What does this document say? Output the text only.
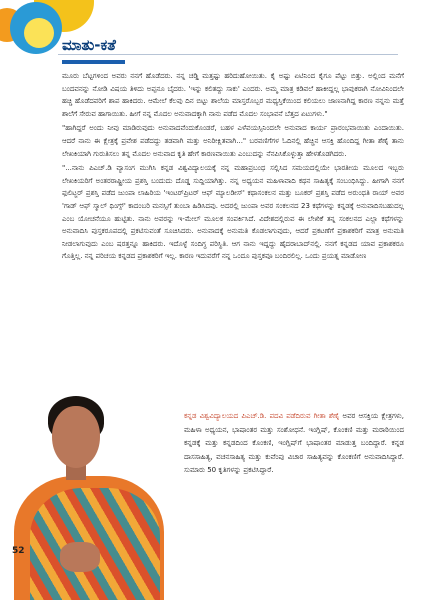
ಮಾತು-ಕತೆ

ಮೂರು ಬೆಟ್ಟಗಳಿಂದ ಅವರು ನನಗೆ ಹೊಡೆದರು. ನನ್ನ ಚಡ್ಡಿ ಮತ್ತಷ್ಟು ಹರಿದುಹೋಯಿತು. ಕೈ ಅಷ್ಟು ಏಟಿನಿಂದ ಕೈಗೂ ಪೆಟ್ಟು ಬಿತ್ತು. ಅಲ್ಲಿಂದ ಮನೆಗೆ ಬಂದವನನ್ನು ನೋಡಿ ವಿಷಯ ತಿಳಿದು ಅಪ್ಪನೂ ಬೈದರು. 'ಇನ್ನು ಕಲಿತದ್ದು ಸಾಕು' ಎಂದರು. ಅಮ್ಮ ಮಾತ್ರ ಕಡಿವಲೆ ಹಾಕೀದ್ದಲ್ಲ ಭಾವುಕರಾಗಿ ನೋವಿನಿಂದಲೇ ಹಚ್ಚಿ ಹೊಡೆದವರಿಗೆ ಶಾಪ ಹಾಕಿದರು. ಆಮೇಲೆ ಕೆಲವು ದಿನ ಬಿಟ್ಟು ಶಾಲೆಯ ಮಾಸ್ತರೊಬ್ಬರ ಮಧ್ಯಸ್ತಿಕೆಯಿಂದ ಕಲಿಯಲು ಜಾಣನಾಗಿದ್ದ ಕಾರಣ ನನ್ನನು ಮತ್ತೆ ಶಾಲೆಗೆ ಸೇರುವ ಹಾಗಾಯಿತು. ಹೀಗೆ ನನ್ನ ಮೊದಲ ಅನುವಾದಕ್ಕಾಗಿ ನಾನು ಪಡೆದ ಮೊದಲ ಸಂಭಾವನೆ ಬೆತ್ತದ ಏಟುಗಳು."

"ಹಾಗಿದ್ದರೆ ಅಂದು ನೀವು ಮಾಡಿರುವುದು ಅನುವಾದವೆಂದುಕೊಂಡರೆ, ಬಹಳ ಎಳೆವಯಸ್ಸಿನಿಂದಲೇ ಅನುವಾದ ಕಾರ್ಯ ಪ್ರಾರಂಭವಾಯಿತು ಎಂದಾಯಿತು. ಆದರೆ ನಾನು ಈ ಕ್ಷೇತ್ರಕ್ಕೆ ಪ್ರವೇಶ ಪಡೆದದ್ದು ತಡವಾಗಿ ಮತ್ತು ಅನಿರೀಕ್ಷಿತವಾಗಿ..." ಬರವಣಿಗೆಗಳ ಓದಿನಲ್ಲಿ ಹೆಚ್ಚಿನ ಆಸಕ್ತಿ ಹೊಂದಿದ್ದ ಗೀತಾ ಶೆಣೈ ತಾನು ಲೇಖಕಿಯಾಗಿ ಗುರುತಿಸಲು ತನ್ನ ಮೊದಲ ಅನುವಾದ ಕೃತಿ ಹೇಗೆ ಕಾರಣವಾಯಿತು ಎಂಬುದನ್ನು ನೆನಪಿಸಿಕೊಳ್ಳುತ್ತಾ ಹೇಳತೊಡಗಿದರು.

"...ನಾನು ಪಿಎಚ್.ಡಿ ವ್ಯಾಸಂಗ ಮುಗಿಸಿ ಕನ್ನಡ ವಿಶ್ವವಿದ್ಯಾಲಯಕ್ಕೆ ನನ್ನ ಮಹಾಪ್ರಬಂಧ ಸಲ್ಲಿಸಿದ ಸಮಯದಲ್ಲಿಯೇ ಭಾರತೀಯ ಮೂಲದ ಇಬ್ಬರು ಲೇಖಕಿಯರಿಗೆ ಅಂತರರಾಷ್ಟ್ರೀಯ ಪ್ರಶಸ್ತಿ ಬಂದುದು ದೊಡ್ಡ ಸುದ್ದಿಯಾಗಿತ್ತು. ನನ್ನ ಅಧ್ಯಯನ ಮಹಿಳಾವಾದಿ ಕಥನ ಸಾಹಿತ್ಯಕ್ಕೆ ಸಂಬಂಧಿಸಿದ್ದು. ಹೀಗಾಗಿ ನನಗೆ ಫುಲಿಟ್ಜರ್ ಪ್ರಶಸ್ತಿ ಪಡೆದ ಜುಂಪಾ ಲಾಹಿರಿಯ 'ಇಂಟರ್‌ಪ್ರಿಟರ್ ಆಫ್ ಮ್ಯಾಲಡೀಸ್' ಕಥಾಸಂಕಲನ ಮತ್ತು ಬೂಕರ್ ಪ್ರಶಸ್ತಿ ಪಡೆದ ಅರುಂಧತಿ ರಾಯ್ ಅವರ 'ಗಾಡ್ ಆಫ್ ಸ್ಮಾಲ್ ಥಿಂಗ್ಸ್' ಕಾದಂಬರಿ ಮನಸ್ಸಿಗೆ ತುಂಬಾ ಹಿಡಿಸಿದವು. ಅದರಲ್ಲಿ ಜುಂಪಾ ಅವರ ಸಂಕಲನದ 23 ಕಥೆಗಳನ್ನು ಕನ್ನಡಕ್ಕೆ ಅನುವಾದಿಸಬಹುದಲ್ಲ ಎಂಬ ಯೋಚನೆಯೂ ಹುಟ್ಟಿತು. ನಾನು ಅವರನ್ನು ಇ-ಮೇಲ್ ಮೂಲಕ ಸಂಪರ್ಕಿಸಿದೆ. ವಿದೇಶದಲ್ಲಿರುವ ಈ ಲೇಖಿಕೆ ತನ್ನ ಸಂಕಲನದ ಎಲ್ಲಾ ಕಥೆಗಳನ್ನು ಅನುವಾದಿಸಿ ಪುಸ್ತಕರೂಪದಲ್ಲಿ ಪ್ರಕಟಿಸುವಂತೆ ಸೂಚಿಸಿದರು. ಅನುವಾದಕ್ಕೆ ಅನುಮತಿ ಕೊಡಲಾಗುವುದು, ಆದರೆ ಪ್ರಕಟಣೆಗೆ ಪ್ರಕಾಶಕರಿಗೆ ಮಾತ್ರ ಅನುಮತಿ ನೀಡಲಾಗುವುದು ಎಂಬ ಷರತ್ತನ್ನೂ ಹಾಕಿದರು. ಇದೊಳ್ಳೆ ಸಂದಿಗ್ಧ ಪರಿಸ್ಥಿತಿ. ಆಗ ನಾನು ಇದ್ದದ್ದು ಹೈದರಾಬಾದ್‌ನಲ್ಲಿ. ನನಗೆ ಕನ್ನಡದ ಯಾವ ಪ್ರಕಾಶಕರೂ ಗೊತ್ತಿಲ್ಲ. ನನ್ನ ಪರಿಚಯ ಕನ್ನಡದ ಪ್ರಕಾಶಕರಿಗೆ ಇಲ್ಲ. ಕಾರಣ ಇದುವರೆಗೆ ನನ್ನ ಒಂದೂ ಪುಸ್ತಕವೂ ಬಂದಿರಲಿಲ್ಲ. ಒಂದು ಪ್ರಯತ್ನ ಮಾಡೋಣ

52
ಕನ್ನಡ ವಿಶ್ವವಿದ್ಯಾಲಯದ ಪಿಎಚ್.ಡಿ. ಪದವಿ ಪಡೆದಿರುವ ಗೀತಾ ಶೆಣೈ ಅವರ ಆಸಕ್ತಿಯ ಕ್ಷೇತ್ರಗಳು, ಮಹಿಳಾ ಅಧ್ಯಯನ, ಭಾಷಾಂತರ ಮತ್ತು ಸಂಶೋಧನೆ. ಇಂಗ್ಲಿಷ್, ಕೊಂಕಣಿ ಮತ್ತು ಮರಾಠಿಯಿಂದ ಕನ್ನಡಕ್ಕೆ ಮತ್ತು ಕನ್ನಡದಿಂದ ಕೊಂಕಣಿ, ಇಂಗ್ಲಿಷ್‌ಗೆ ಭಾಷಾಂತರ ಮಾಡುತ್ತ ಬಂದಿದ್ದಾರೆ. ಕನ್ನಡ ದಾಸಸಾಹಿತ್ಯ, ವಚನಸಾಹಿತ್ಯ ಮತ್ತು ಕುವೆಂಪು ವಿಚಾರ ಸಾಹಿತ್ಯವನ್ನು ಕೊಂಕಣಿಗೆ ಅನುವಾದಿಸಿದ್ದಾರೆ. ಸುಮಾರು 50 ಕೃತಿಗಳನ್ನು ಪ್ರಕಟಿಸಿದ್ದಾರೆ.
